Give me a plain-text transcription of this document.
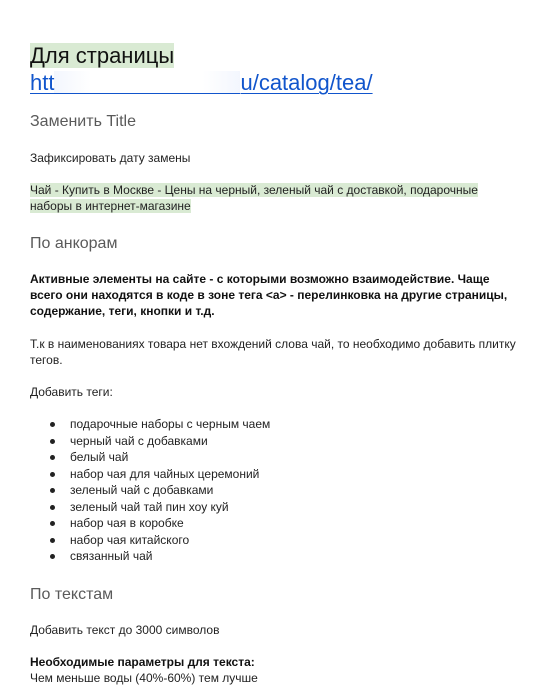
Для страницы

htt	u/catalog/tea/

Заменить Title

Зафиксировать дату замены

Чай - Купить в Москве - Цены на черный, зеленый чай с доставкой, подарочные
наборы в интернет-магазине

По анкорам

Активные элементы на сайте - с которыми возможно взаимодействие. Чаще
всего они находятся в коде в зоне тега <a> - перелинковка на другие страницы,
содержание, теги, кнопки и т.д.

Т.к в наименованиях товара нет вхождений слова чай, то необходимо добавить плитку
тегов.

Добавить теги:

подарочные наборы с черным чаем
черный чай с добавками
белый чай
набор чая для чайных церемоний
зеленый чай с добавками
зеленый чай тай пин хоу куй
набор чая в коробке
набор чая китайского
связанный чай

По текстам

Добавить текст до 3000 символов

Необходимые параметры для текста:

Чем меньше воды (40%-60%) тем лучше
